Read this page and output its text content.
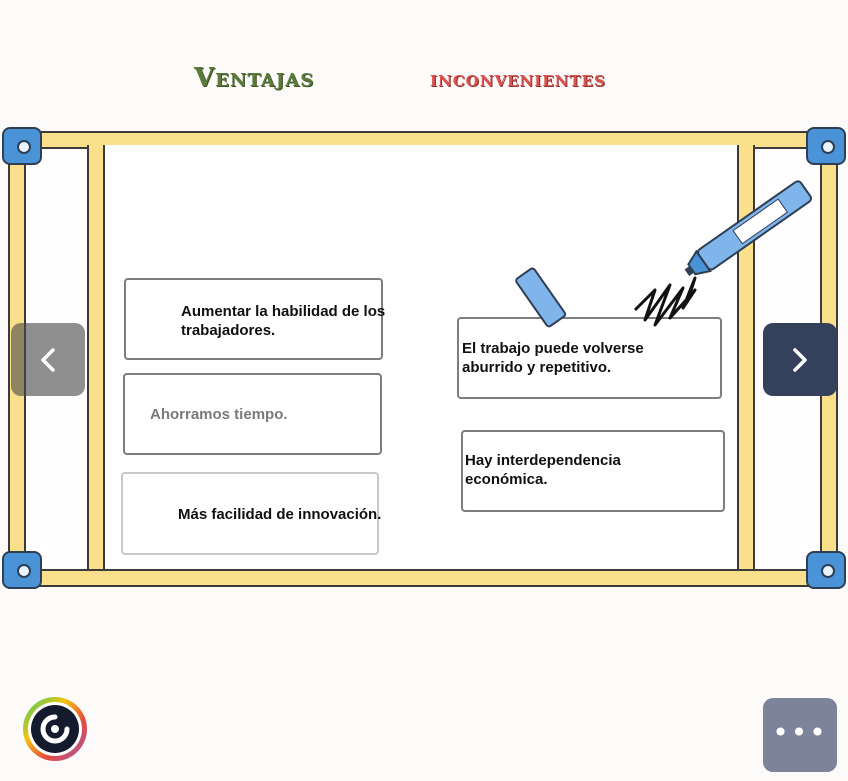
Ventajas	inconvenientes
Aumentar la habilidad de los trabajadores.
Ahorramos tiempo.
Más facilidad de innovación.
El trabajo puede volverse aburrido y repetitivo.
Hay interdependencia económica.
•••
